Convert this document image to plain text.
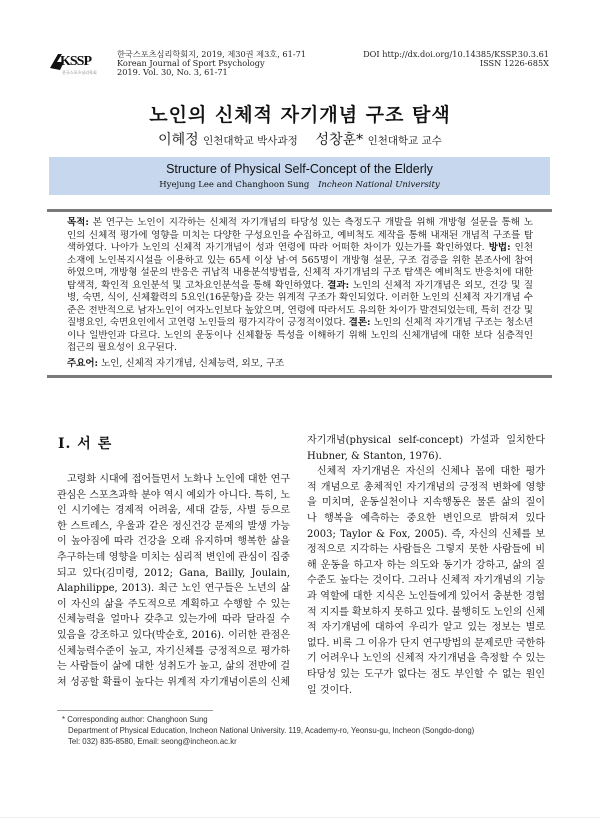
KSSP
한국스포츠심리학회
한국스포츠심리학회지, 2019, 제30권 제3호, 61-71
Korean Journal of Sport Psychology
2019. Vol. 30, No. 3, 61-71
DOI http://dx.doi.org/10.14385/KSSP.30.3.61
ISSN 1226-685X
노인의 신체적 자기개념 구조 탐색
이혜정 인천대학교 박사과정 성창훈* 인천대학교 교수
Structure of Physical Self-Concept of the Elderly
Hyejung Lee and Changhoon Sung Incheon National University
목적: 본 연구는 노인이 지각하는 신체적 자기개념의 타당성 있는 측정도구 개발을 위해 개방형 설문을 통해 노
인의 신체적 평가에 영향을 미치는 다양한 구성요인을 수집하고, 예비척도 제작을 통해 내재된 개념적 구조를 탐
색하였다. 나아가 노인의 신체적 자기개념이 성과 연령에 따라 어떠한 차이가 있는가를 확인하였다. 방법: 인천
소재에 노인복지시설을 이용하고 있는 65세 이상 남·여 565명이 개방형 설문, 구조 검증을 위한 본조사에 참여
하였으며, 개방형 설문의 반응은 귀납적 내용분석방법을, 신체적 자기개념의 구조 탐색은 예비척도 반응치에 대한
탐색적, 확인적 요인분석 및 고차요인분석을 통해 확인하였다. 결과: 노인의 신체적 자기개념은 외모, 건강 및 질
병, 숙면, 식이, 신체활력의 5요인(16문항)을 갖는 위계적 구조가 확인되었다. 이러한 노인의 신체적 자기개념 수
준은 전반적으로 남자노인이 여자노인보다 높았으며, 연령에 따라서도 유의한 차이가 발견되었는데, 특히 건강 및
질병요인, 숙면요인에서 고연령 노인들의 평가지각이 긍정적이었다. 결론: 노인의 신체적 자기개념 구조는 청소년
이나 일반인과 다르다. 노인의 운동이나 신체활동 특성을 이해하기 위해 노인의 신체개념에 대한 보다 심층적인
접근의 필요성이 요구된다.
주요어: 노인, 신체적 자기개념, 신체능력, 외모, 구조
Ⅰ. 서 론
고령화 시대에 접어들면서 노화나 노인에 대한 연구
관심은 스포츠과학 분야 역시 예외가 아니다. 특히, 노
인 시기에는 경제적 어려움, 세대 갈등, 사별 등으로
한 스트레스, 우울과 같은 정신건강 문제의 발생 가능
이 높아짐에 따라 건강을 오래 유지하며 행복한 삶을
추구하는데 영향을 미치는 심리적 변인에 관심이 집중
되고 있다(김미령, 2012; Gana, Bailly, Joulain,
Alaphilippe, 2013). 최근 노인 연구들은 노년의 삶
이 자신의 삶을 주도적으로 계획하고 수행할 수 있는
신체능력을 얼마나 갖추고 있는가에 따라 달라질 수
있음을 강조하고 있다(박순호, 2016). 이러한 관점은
신체능력수준이 높고, 자기신체를 긍정적으로 평가하
는 사람들이 삶에 대한 성취도가 높고, 삶의 전반에 걸
쳐 성공할 확률이 높다는 위계적 자기개념이론의 신체
자기개념(physical self-concept) 가설과 일치한다
Hubner, & Stanton, 1976).
신체적 자기개념은 자신의 신체나 몸에 대한 평가
적 개념으로 총체적인 자기개념의 긍정적 변화에 영향
을 미치며, 운동실천이나 지속행동은 물론 삶의 질이
나 행복을 예측하는 중요한 변인으로 밝혀져 있다
2003; Taylor & Fox, 2005). 즉, 자신의 신체를 보
정적으로 지각하는 사람들은 그렇지 못한 사람들에 비
해 운동을 하고자 하는 의도와 동기가 강하고, 삶의 질
수준도 높다는 것이다. 그러나 신체적 자기개념의 기능
과 역할에 대한 지식은 노인들에게 있어서 충분한 경험
적 지지를 확보하지 못하고 있다. 불행히도 노인의 신체
적 자기개념에 대하여 우리가 알고 있는 정보는 별로
없다. 비록 그 이유가 단지 연구방법의 문제로만 국한하
기 어려우나 노인의 신체적 자기개념을 측정할 수 있는
타당성 있는 도구가 없다는 점도 부인할 수 없는 원인
일 것이다.
* Corresponding author: Changhoon Sung
Department of Physical Education, Incheon National University. 119, Academy-ro, Yeonsu-gu, Incheon (Songdo-dong)
Tel: 032) 835-8580, Email: seong@incheon.ac.kr
